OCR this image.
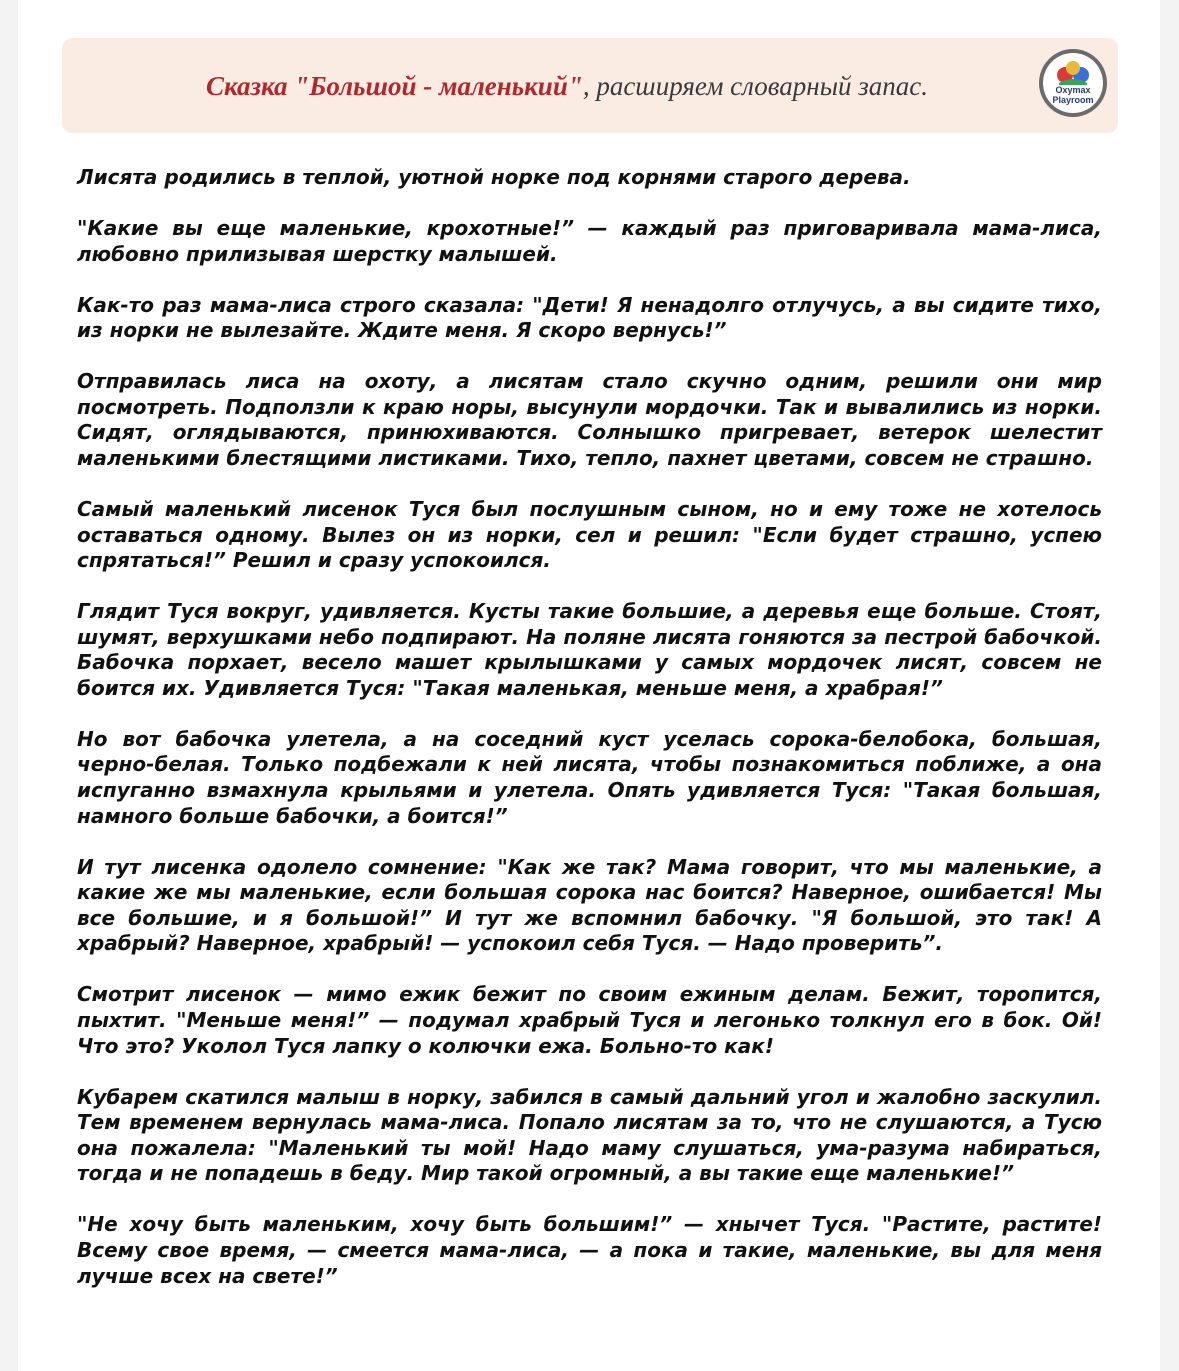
Сказка "Большой - маленький", расширяем словарный запас.	Oxymax
Playroom

Лисята родились в теплой, уютной норке под корнями старого дерева.

"Какие вы еще маленькие, крохотные!” — каждый раз приговаривала мама-лиса, любовно прилизывая шерстку малышей.

Как-то раз мама-лиса строго сказала: "Дети! Я ненадолго отлучусь, а вы сидите тихо, из норки не вылезайте. Ждите меня. Я скоро вернусь!”

Отправилась лиса на охоту, а лисятам стало скучно одним, решили они мир посмотреть. Подползли к краю норы, высунули мордочки. Так и вывалились из норки. Сидят, оглядываются, принюхиваются. Солнышко пригревает, ветерок шелестит маленькими блестящими листиками. Тихо, тепло, пахнет цветами, совсем не страшно.

Самый маленький лисенок Туся был послушным сыном, но и ему тоже не хотелось оставаться одному. Вылез он из норки, сел и решил: "Если будет страшно, успею спрятаться!” Решил и сразу успокоился.

Глядит Туся вокруг, удивляется. Кусты такие большие, а деревья еще больше. Стоят, шумят, верхушками небо подпирают. На поляне лисята гоняются за пестрой бабочкой. Бабочка порхает, весело машет крылышками у самых мордочек лисят, совсем не боится их. Удивляется Туся: "Такая маленькая, меньше меня, а храбрая!”

Но вот бабочка улетела, а на соседний куст уселась сорока-белобока, большая, черно-белая. Только подбежали к ней лисята, чтобы познакомиться поближе, а она испуганно взмахнула крыльями и улетела. Опять удивляется Туся: "Такая большая, намного больше бабочки, а боится!”

И тут лисенка одолело сомнение: "Как же так? Мама говорит, что мы маленькие, а какие же мы маленькие, если большая сорока нас боится? Наверное, ошибается! Мы все большие, и я большой!” И тут же вспомнил бабочку. "Я большой, это так! А храбрый? Наверное, храбрый! — успокоил себя Туся. — Надо проверить”.

Смотрит лисенок — мимо ежик бежит по своим ежиным делам. Бежит, торопится, пыхтит. "Меньше меня!” — подумал храбрый Туся и легонько толкнул его в бок. Ой! Что это? Уколол Туся лапку о колючки ежа. Больно-то как!

Кубарем скатился малыш в норку, забился в самый дальний угол и жалобно заскулил. Тем временем вернулась мама-лиса. Попало лисятам за то, что не слушаются, а Тусю она пожалела: "Маленький ты мой! Надо маму слушаться, ума-разума набираться, тогда и не попадешь в беду. Мир такой огромный, а вы такие еще маленькие!”

"Не хочу быть маленьким, хочу быть большим!” — хнычет Туся. "Растите, растите! Всему свое время, — смеется мама-лиса, — а пока и такие, маленькие, вы для меня лучше всех на свете!”
